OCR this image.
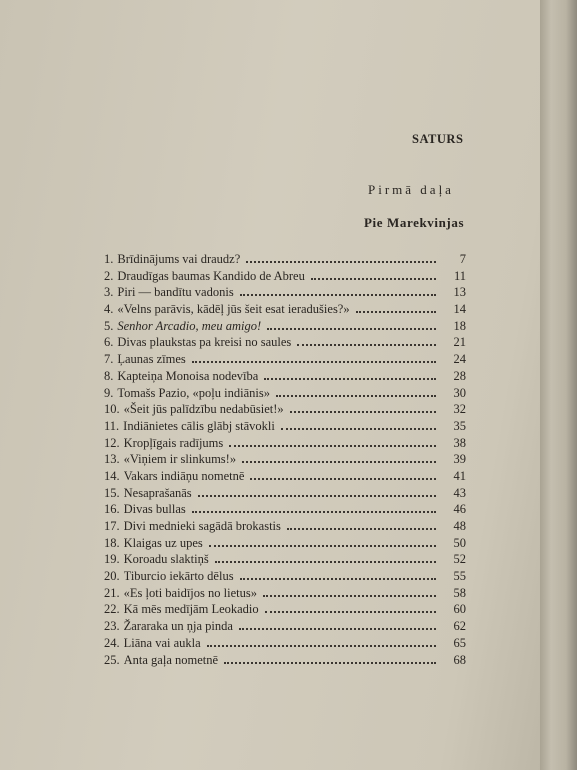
SATURS
Pirmā daļa
Pie Marekvinjas
1. Brīdinājums vai draudz?	7
2. Draudīgas baumas Kandido de Abreu	11
3. Piri — bandītu vadonis	13
4. «Velns parāvis, kādēļ jūs šeit esat ieradušies?»	14
5. Senhor Arcadio, meu amigo!	18
6. Divas plaukstas pa kreisi no saules	21
7. Ļaunas zīmes	24
8. Kapteiņa Monoisa nodevība	28
9. Tomašs Pazio, «poļu indiānis»	30
10. «Šeit jūs palīdzību nedabūsiet!»	32
11. Indiānietes cālis glābj stāvokli	35
12. Kropļīgais radījums	38
13. «Viņiem ir slinkums!»	39
14. Vakars indiāņu nometnē	41
15. Nesaprašanās	43
16. Divas bullas	46
17. Divi mednieki sagādā brokastis	48
18. Klaigas uz upes	50
19. Koroadu slaktiņš	52
20. Tiburcio iekārto dēlus	55
21. «Es ļoti baidījos no lietus»	58
22. Kā mēs medījām Leokadio	60
23. Žararaka un ņja pinda	62
24. Liāna vai aukla	65
25. Anta gaļa nometnē	68
